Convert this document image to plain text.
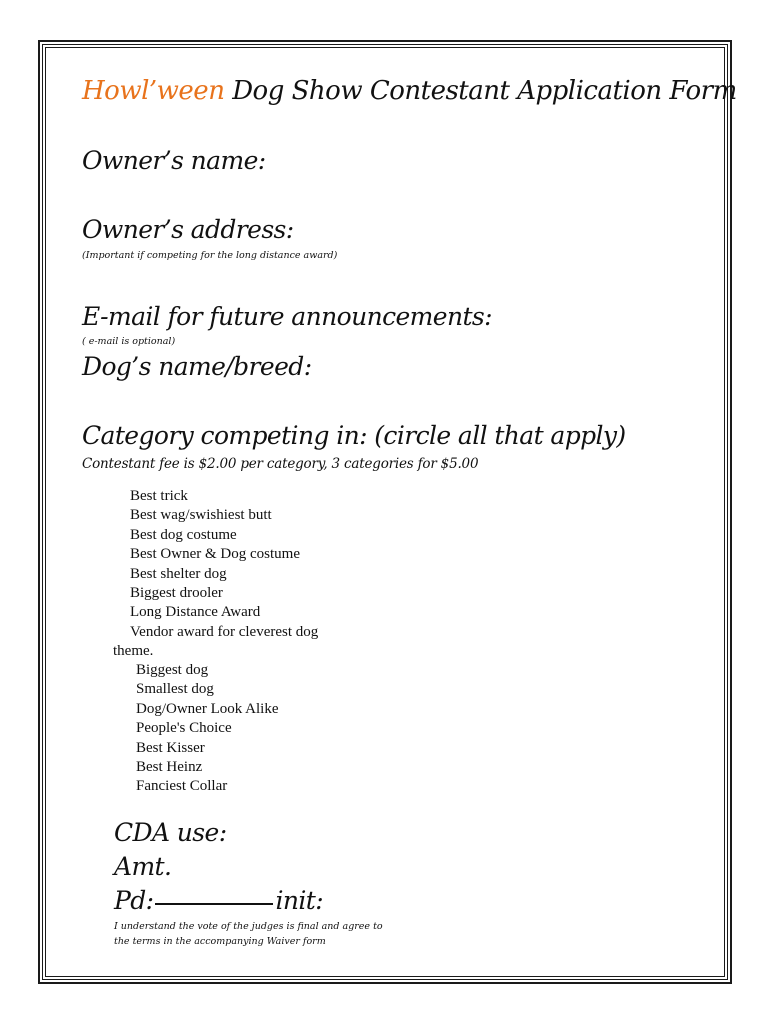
Howl’ween Dog Show Contestant Application Form
Owner’s name:
Owner’s address:
(Important if competing for the long distance award)
E-mail for future announcements:
( e-mail is optional)
Dog’s name/breed:
Category competing in: (circle all that apply)
Contestant fee is $2.00 per category, 3 categories for $5.00
Best trick
Best wag/swishiest butt
Best dog costume
Best Owner & Dog costume
Best shelter dog
Biggest drooler
Long Distance Award
Vendor award for cleverest dog
theme.
Biggest dog
Smallest dog
Dog/Owner Look Alike
People's Choice
Best Kisser
Best Heinz
Fanciest Collar
CDA use:
Amt.
Pd:	init:
I understand the vote of the judges is final and agree to
the terms in the accompanying Waiver form
